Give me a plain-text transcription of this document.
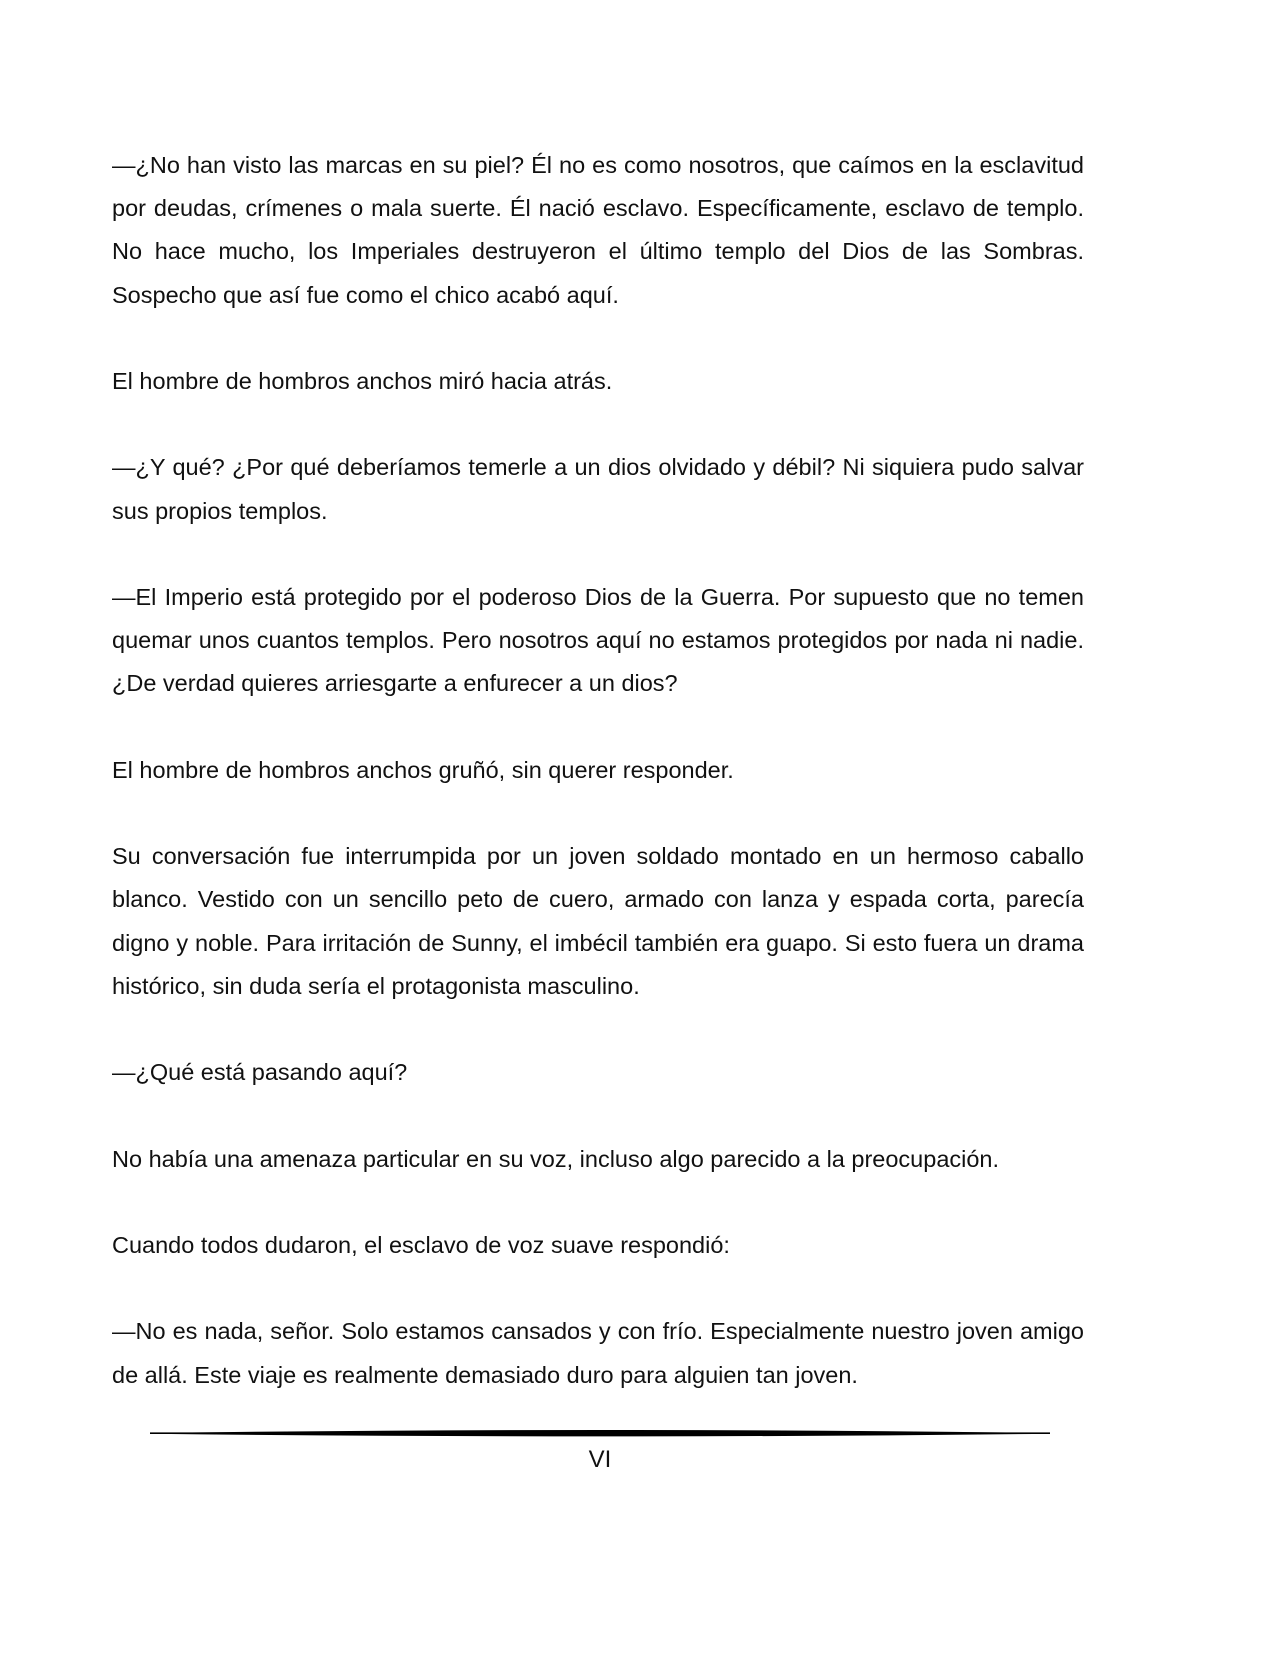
—¿No han visto las marcas en su piel? Él no es como nosotros, que caímos en la esclavitud por deudas, crímenes o mala suerte. Él nació esclavo. Específicamente, esclavo de templo. No hace mucho, los Imperiales destruyeron el último templo del Dios de las Sombras. Sospecho que así fue como el chico acabó aquí.

El hombre de hombros anchos miró hacia atrás.

—¿Y qué? ¿Por qué deberíamos temerle a un dios olvidado y débil? Ni siquiera pudo salvar sus propios templos.

—El Imperio está protegido por el poderoso Dios de la Guerra. Por supuesto que no temen quemar unos cuantos templos. Pero nosotros aquí no estamos protegidos por nada ni nadie. ¿De verdad quieres arriesgarte a enfurecer a un dios?

El hombre de hombros anchos gruñó, sin querer responder.

Su conversación fue interrumpida por un joven soldado montado en un hermoso caballo blanco. Vestido con un sencillo peto de cuero, armado con lanza y espada corta, parecía digno y noble. Para irritación de Sunny, el imbécil también era guapo. Si esto fuera un drama histórico, sin duda sería el protagonista masculino.

—¿Qué está pasando aquí?

No había una amenaza particular en su voz, incluso algo parecido a la preocupación.

Cuando todos dudaron, el esclavo de voz suave respondió:

—No es nada, señor. Solo estamos cansados y con frío. Especialmente nuestro joven amigo de allá. Este viaje es realmente demasiado duro para alguien tan joven.

VI
